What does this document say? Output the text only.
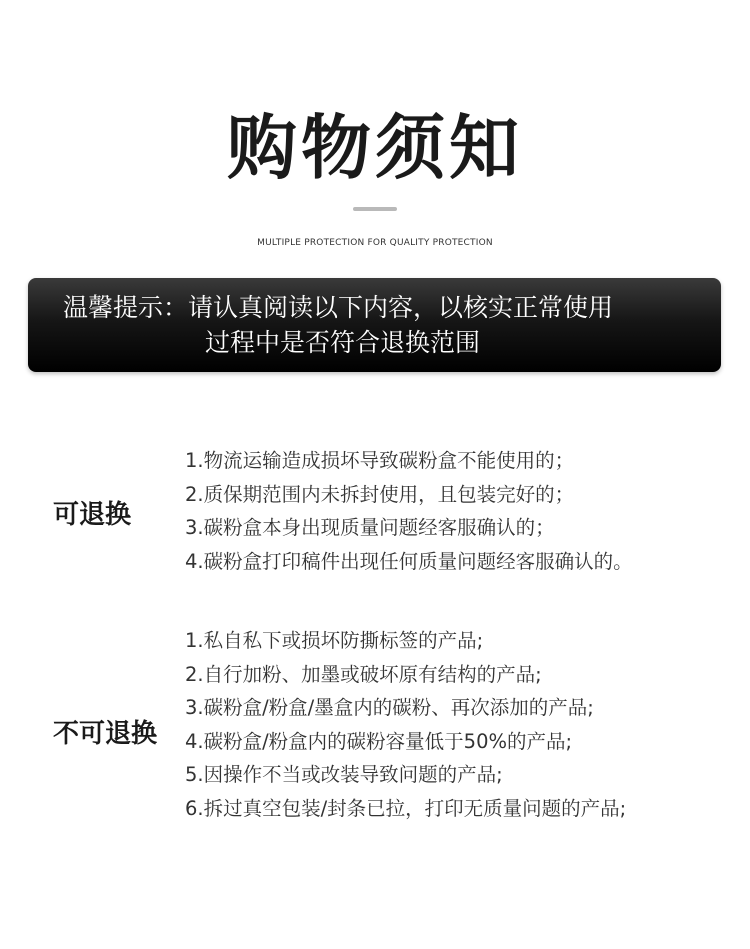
购物须知
MULTIPLE PROTECTION FOR QUALITY PROTECTION
温馨提示：请认真阅读以下内容，以核实正常使用
过程中是否符合退换范围
可退换
1.物流运输造成损坏导致碳粉盒不能使用的；
2.质保期范围内未拆封使用，且包装完好的；
3.碳粉盒本身出现质量问题经客服确认的；
4.碳粉盒打印稿件出现任何质量问题经客服确认的。
不可退换
1.私自私下或损坏防撕标签的产品;
2.自行加粉、加墨或破坏原有结构的产品;
3.碳粉盒/粉盒/墨盒内的碳粉、再次添加的产品;
4.碳粉盒/粉盒内的碳粉容量低于50%的产品;
5.因操作不当或改装导致问题的产品;
6.拆过真空包装/封条已拉，打印无质量问题的产品;
